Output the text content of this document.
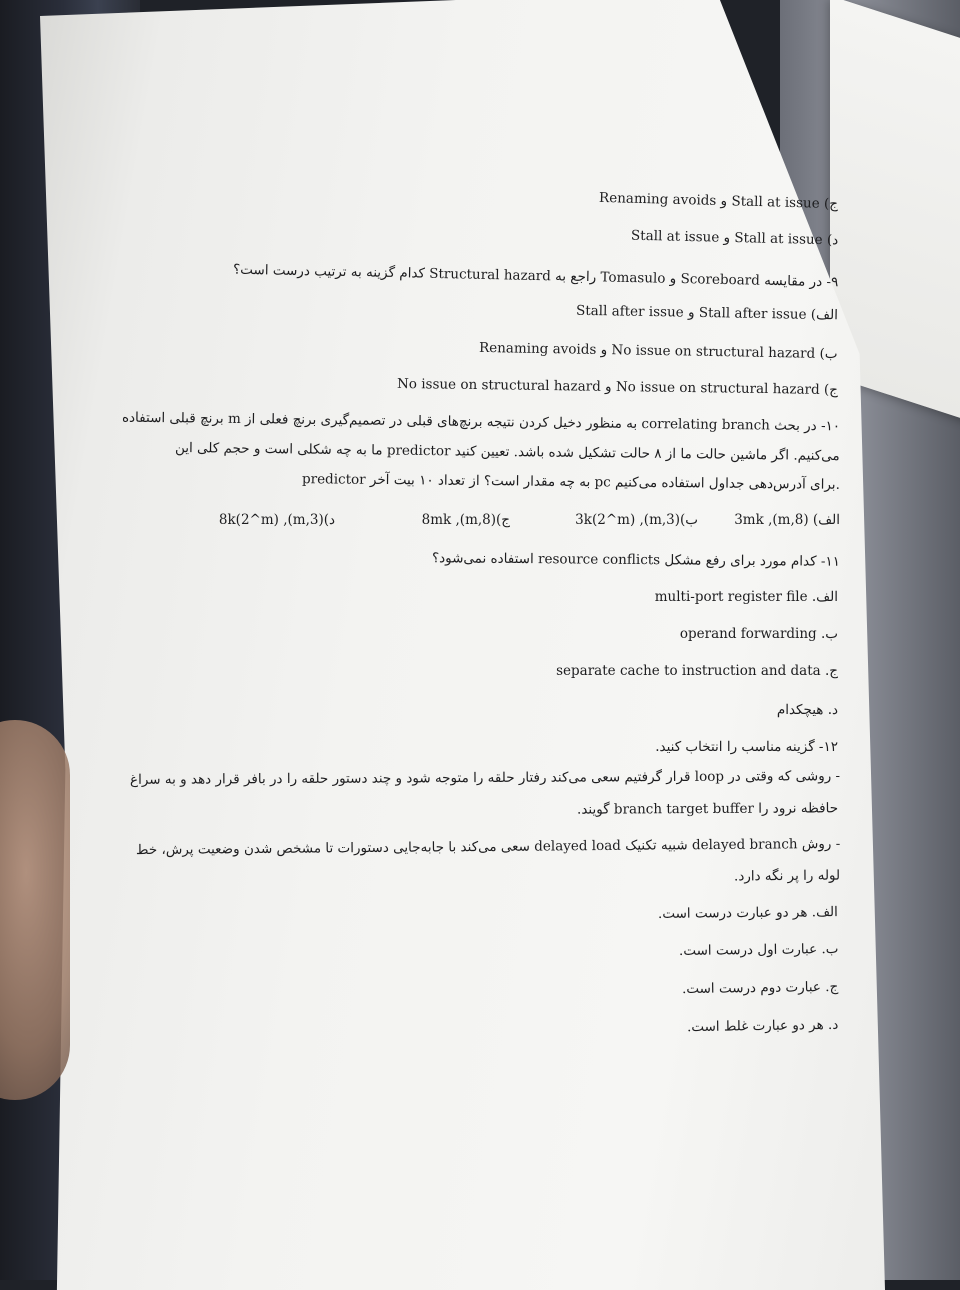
ج) Stall at issue و Renaming avoids
د) Stall at issue و Stall at issue
۹- در مقایسه Scoreboard و Tomasulo راجع به Structural hazard کدام گزینه به ترتیب درست است؟
الف) Stall after issue و Stall after issue
ب) No issue on structural hazard و Renaming avoids
ج) No issue on structural hazard و No issue on structural hazard
۱۰- در بحث correlating branch به منظور دخیل کردن نتیجه برنچ‌های قبلی در تصمیم‌گیری برنچ فعلی از m برنچ قبلی استفاده
می‌کنیم. اگر ماشین حالت ما از ۸ حالت تشکیل شده باشد. تعیین کنید predictor ما به چه شکلی است و حجم کلی این
predictor به چه مقدار است؟ از تعداد ۱۰ بیت آخر pc برای آدرس‌دهی جداول استفاده می‌کنیم.
الف) (m,8), 3mk
ب)(m,3), (2^m)3k
ج)(m,8), 8mk
د)(m,3), (2^m)8k
۱۱- کدام مورد برای رفع مشکل resource conflicts استفاده نمی‌شود؟
الف. multi-port register file
ب. operand forwarding
ج. separate cache to instruction and data
د. هیچکدام
۱۲- گزینه مناسب را انتخاب کنید.
- روشی که وقتی در loop قرار گرفتیم سعی می‌کند رفتار حلقه را متوجه شود و چند دستور حلقه را در بافر قرار دهد و به سراغ
حافظه نرود را branch target buffer گویند.
- روش delayed branch شبیه تکنیک delayed load سعی می‌کند با جابه‌جایی دستورات تا مشخص شدن وضعیت پرش، خط
لوله را پر نگه دارد.
الف. هر دو عبارت درست است.
ب. عبارت اول درست است.
ج. عبارت دوم درست است.
د. هر دو عبارت غلط است.
